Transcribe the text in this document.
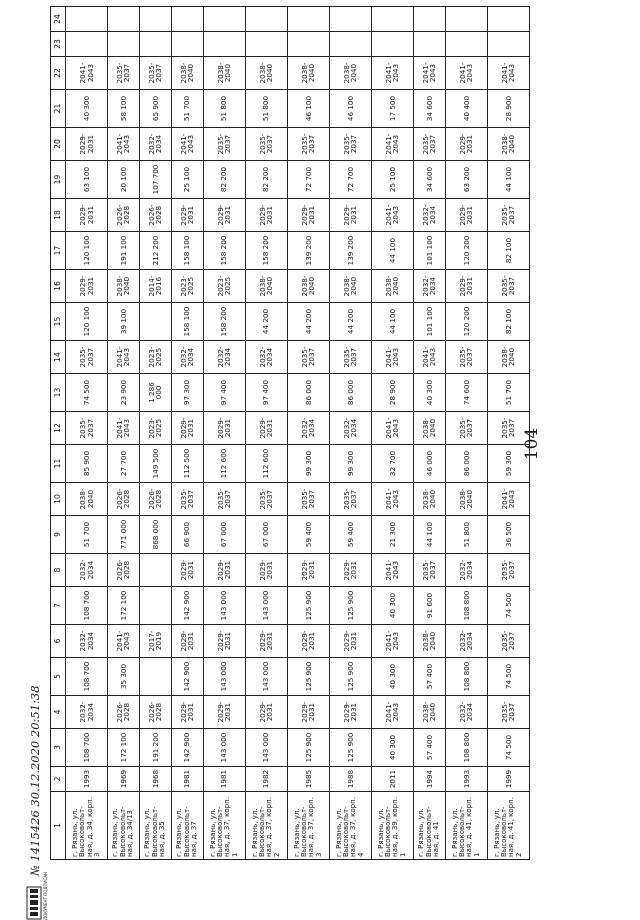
104
1	2	3	4	5	6	7	8	9	10	11	12	13	14	15	16	17	18	19	20	21	22	23	24
г. Рязань, ул. Высоковольт-ная, д. 34, корп. 3	1993	108 700	2032-2034	108 700	2032-2034	108 700	2032-2034	51 700	2038-2040	85 900	2035-2037	74 500	2035-2037	120 100	2029-2031	120 100	2029-2031	63 100	2029-2031	40 300	2041-2043		
г. Рязань, ул. Высоковольт-ная, д. 34/13	1969	172 100	2026-2028	35 300	2041-2043	172 100	2026-2028	771 000	2026-2028	27 700	2041-2043	23 900	2041-2043	39 100	2038-2040	191 100	2026-2028	20 100	2041-2043	58 100	2035-2037		
г. Рязань, ул. Высоковольт-ная, д. 35	1968	191 200	2026-2028		2017-2019			868 000	2026-2028	149 500	2023-2025	1 286 000	2023-2025		2014-2016	212 200	2026-2028	107 700	2032-2034	65 900	2035-2037		
г. Рязань, ул. Высоковольт-ная, д. 37	1981	142 900	2029-2031	142 900	2029-2031	142 900	2029-2031	66 900	2035-2037	112 500	2029-2031	97 300	2032-2034	158 100	2023-2025	158 100	2029-2031	25 100	2041-2043	51 700	2038-2040		
г. Рязань, ул. Высоковольт-ная, д. 37, корп. 1	1981	143 000	2029-2031	143 000	2029-2031	143 000	2029-2031	67 000	2035-2037	112 600	2029-2031	97 400	2032-2034	158 200	2023-2025	158 200	2029-2031	82 200	2035-2037	51 800	2038-2040		
г. Рязань, ул. Высоковольт-ная, д. 37, корп. 2	1982	143 000	2029-2031	143 000	2029-2031	143 000	2029-2031	67 000	2035-2037	112 600	2029-2031	97 400	2032-2034	44 200	2038-2040	158 200	2029-2031	82 200	2035-2037	51 800	2038-2040		
г. Рязань, ул. Высоковольт-ная, д. 37, корп. 3	1985	125 900	2029-2031	125 900	2029-2031	125 900	2029-2031	59 400	2035-2037	99 300	2032-2034	86 000	2035-2037	44 200	2038-2040	139 200	2029-2031	72 700	2035-2037	46 100	2038-2040		
г. Рязань, ул. Высоковольт-ная, д. 37, корп. 4	1988	125 900	2029-2031	125 900	2029-2031	125 900	2029-2031	59 400	2035-2037	99 300	2032-2034	86 000	2035-2037	44 200	2038-2040	139 200	2029-2031	72 700	2035-2037	46 100	2038-2040		
г. Рязань, ул. Высоковольт-ная, д. 39, корп. 1	2011	40 300	2041-2043	40 300	2041-2043	40 300	2041-2043	21 300	2041-2043	32 700	2041-2043	28 900	2041-2043	44 100	2038-2040	44 100	2041-2043	25 100	2041-2043	17 500	2041-2043		
г. Рязань, ул. Высоковольт-ная, д. 41	1994	57 400	2038-2040	57 400	2038-2040	91 600	2035-2037	44 100	2038-2040	46 000	2038-2040	40 300	2041-2043	101 100	2032-2034	101 100	2032-2034	34 600	2035-2037	34 600	2041-2043		
г. Рязань, ул. Высоковольт-ная, д. 41, корп. 1	1993	108 800	2032-2034	108 800	2032-2034	108 800	2032-2034	51 800	2038-2040	86 000	2035-2037	74 600	2035-2037	120 200	2029-2031	120 200	2029-2031	63 200	2029-2031	40 400	2041-2043		
г. Рязань, ул. Высоковольт-ная, д. 41, корп. 2	1999	74 500	2035-2037	74 500	2035-2037	74 500	2035-2037	36 500	2041-2043	59 300	2035-2037	51 700	2038-2040	82 100	2035-2037	82 100	2035-2037	44 100	2038-2040	28 900	2041-2043		
ДОКУМЕНТ ПОДПИСАН
№ 1415426 30.12.2020 20:51:38
